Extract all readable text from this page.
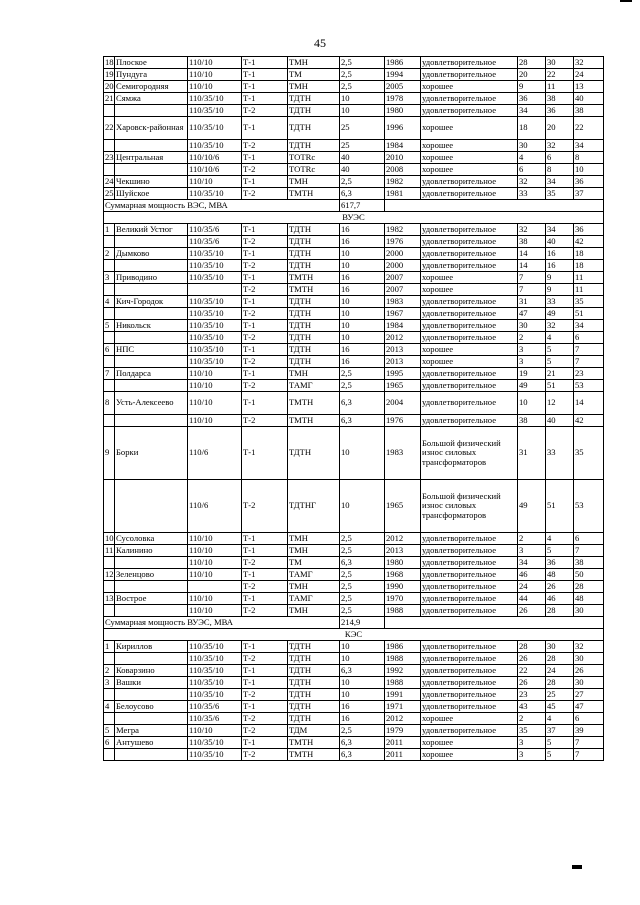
45
18	Плоское	110/10	Т-1	ТМН	2,5	1986	удовлетворительное	28	30	32
19	Пундуга	110/10	Т-1	ТМ	2,5	1994	удовлетворительное	20	22	24
20	Семигородняя	110/10	Т-1	ТМН	2,5	2005	хорошее	9	11	13
21	Сямжа	110/35/10	Т-1	ТДТН	10	1978	удовлетворительное	36	38	40
		110/35/10	Т-2	ТДТН	10	1980	удовлетворительное	34	36	38
22	Харовск-районная	110/35/10	Т-1	ТДТН	25	1996	хорошее	18	20	22
		110/35/10	Т-2	ТДТН	25	1984	хорошее	30	32	34
23	Центральная	110/10/6	Т-1	ТОТRс	40	2010	хорошее	4	6	8
		110/10/6	Т-2	ТОТRс	40	2008	хорошее	6	8	10
24	Чекшино	110/10	Т-1	ТМН	2,5	1982	удовлетворительное	32	34	36
25	Шуйское	110/35/10	Т-2	ТМТН	6,3	1981	удовлетворительное	33	35	37
Суммарная мощность ВЭС, МВА					617,7					
ВУЭС										
1	Великий Устюг	110/35/6	Т-1	ТДТН	16	1982	удовлетворительное	32	34	36
		110/35/6	Т-2	ТДТН	16	1976	удовлетворительное	38	40	42
2	Дымково	110/35/10	Т-1	ТДТН	10	2000	удовлетворительное	14	16	18
		110/35/10	Т-2	ТДТН	10	2000	удовлетворительное	14	16	18
3	Приводино	110/35/10	Т-1	ТМТН	16	2007	хорошее	7	9	11
			Т-2	ТМТН	16	2007	хорошее	7	9	11
4	Кич-Городок	110/35/10	Т-1	ТДТН	10	1983	удовлетворительное	31	33	35
		110/35/10	Т-2	ТДТН	10	1967	удовлетворительное	47	49	51
5	Никольск	110/35/10	Т-1	ТДТН	10	1984	удовлетворительное	30	32	34
		110/35/10	Т-2	ТДТН	10	2012	удовлетворительное	2	4	6
6	НПС	110/35/10	Т-1	ТДТН	16	2013	хорошее	3	5	7
		110/35/10	Т-2	ТДТН	16	2013	хорошее	3	5	7
7	Полдарса	110/10	Т-1	ТМН	2,5	1995	удовлетворительное	19	21	23
		110/10	Т-2	ТАМГ	2,5	1965	удовлетворительное	49	51	53
8	Усть-Алексеево	110/10	Т-1	ТМТН	6,3	2004	удовлетворительное	10	12	14
		110/10	Т-2	ТМТН	6,3	1976	удовлетворительное	38	40	42
9	Борки	110/6	Т-1	ТДТН	10	1983	Большой физический износ силовых трансформаторов	31	33	35
		110/6	Т-2	ТДТНГ	10	1965	Большой физический износ силовых трансформаторов	49	51	53
10	Сусоловка	110/10	Т-1	ТМН	2,5	2012	удовлетворительное	2	4	6
11	Калинино	110/10	Т-1	ТМН	2,5	2013	удовлетворительное	3	5	7
		110/10	Т-2	ТМ	6,3	1980	удовлетворительное	34	36	38
12	Зеленцово	110/10	Т-1	ТАМГ	2,5	1968	удовлетворительное	46	48	50
			Т-2	ТМН	2,5	1990	удовлетворительное	24	26	28
13	Вострое	110/10	Т-1	ТАМГ	2,5	1970	удовлетворительное	44	46	48
		110/10	Т-2	ТМН	2,5	1988	удовлетворительное	26	28	30
Суммарная мощность ВУЭС, МВА					214,9					
КЭС										
1	Кириллов	110/35/10	Т-1	ТДТН	10	1986	удовлетворительное	28	30	32
		110/35/10	Т-2	ТДТН	10	1988	удовлетворительное	26	28	30
2	Коварзино	110/35/10	Т-1	ТДТН	6,3	1992	удовлетворительное	22	24	26
3	Вашки	110/35/10	Т-1	ТДТН	10	1988	удовлетворительное	26	28	30
		110/35/10	Т-2	ТДТН	10	1991	удовлетворительное	23	25	27
4	Белоусово	110/35/6	Т-1	ТДТН	16	1971	удовлетворительное	43	45	47
		110/35/6	Т-2	ТДТН	16	2012	хорошее	2	4	6
5	Мегра	110/10	Т-2	ТДМ	2,5	1979	удовлетворительное	35	37	39
6	Антушево	110/35/10	Т-1	ТМТН	6,3	2011	хорошее	3	5	7
		110/35/10	Т-2	ТМТН	6,3	2011	хорошее	3	5	7
